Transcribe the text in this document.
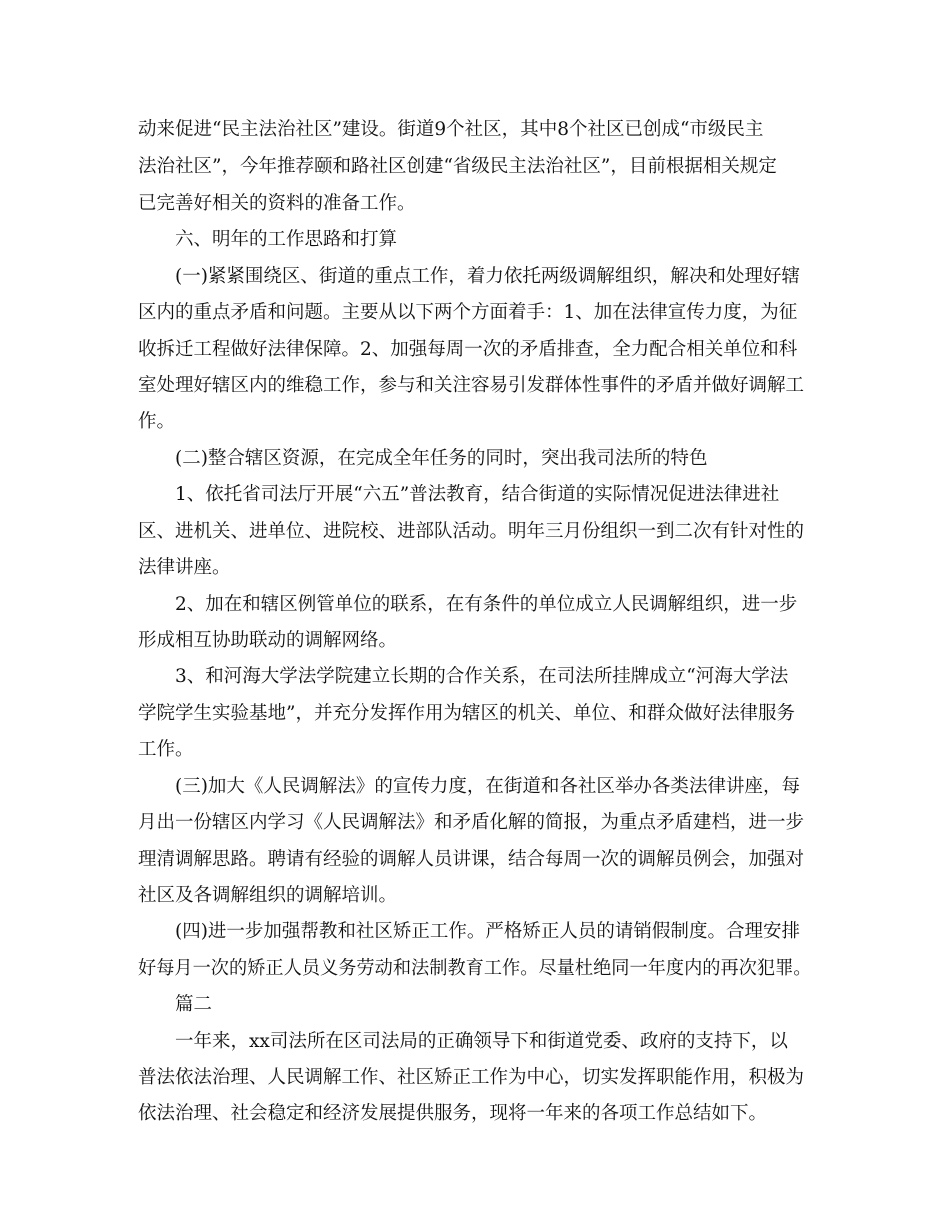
动来促进“民主法治社区”建设。街道9个社区，其中8个社区已创成“市级民主

法治社区”，今年推荐颐和路社区创建“省级民主法治社区”，目前根据相关规定

已完善好相关的资料的准备工作。

六、明年的工作思路和打算

(一)紧紧围绕区、街道的重点工作，着力依托两级调解组织，解决和处理好辖

区内的重点矛盾和问题。主要从以下两个方面着手：1、加在法律宣传力度，为征

收拆迁工程做好法律保障。2、加强每周一次的矛盾排查，全力配合相关单位和科

室处理好辖区内的维稳工作，参与和关注容易引发群体性事件的矛盾并做好调解工

作。

(二)整合辖区资源，在完成全年任务的同时，突出我司法所的特色

1、依托省司法厅开展“六五”普法教育，结合街道的实际情况促进法律进社

区、进机关、进单位、进院校、进部队活动。明年三月份组织一到二次有针对性的

法律讲座。

2、加在和辖区例管单位的联系，在有条件的单位成立人民调解组织，进一步

形成相互协助联动的调解网络。

3、和河海大学法学院建立长期的合作关系，在司法所挂牌成立“河海大学法

学院学生实验基地”，并充分发挥作用为辖区的机关、单位、和群众做好法律服务

工作。

(三)加大《人民调解法》的宣传力度，在街道和各社区举办各类法律讲座，每

月出一份辖区内学习《人民调解法》和矛盾化解的简报，为重点矛盾建档，进一步

理清调解思路。聘请有经验的调解人员讲课，结合每周一次的调解员例会，加强对

社区及各调解组织的调解培训。

(四)进一步加强帮教和社区矫正工作。严格矫正人员的请销假制度。合理安排

好每月一次的矫正人员义务劳动和法制教育工作。尽量杜绝同一年度内的再次犯罪。

篇二

一年来，xx司法所在区司法局的正确领导下和街道党委、政府的支持下，以

普法依法治理、人民调解工作、社区矫正工作为中心，切实发挥职能作用，积极为

依法治理、社会稳定和经济发展提供服务，现将一年来的各项工作总结如下。
